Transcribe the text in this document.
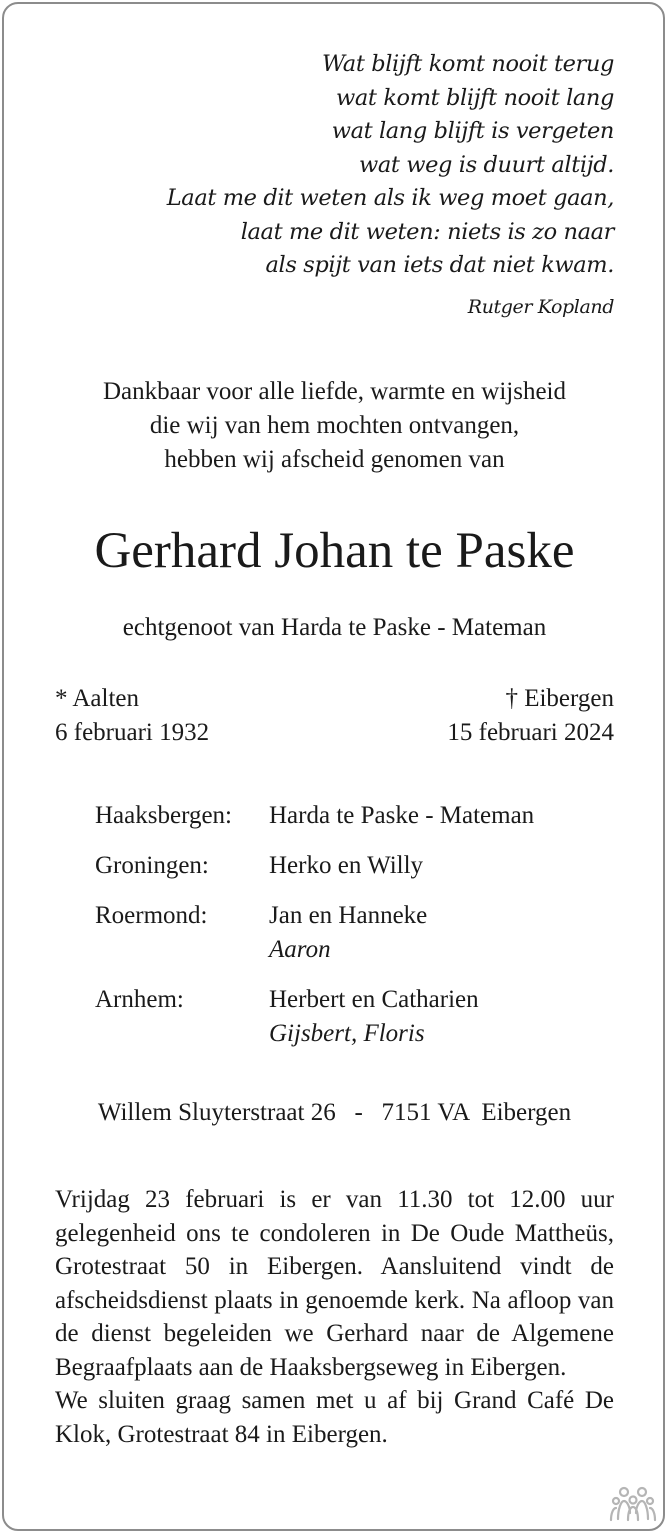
Wat blijft komt nooit terug
wat komt blijft nooit lang
wat lang blijft is vergeten
wat weg is duurt altijd.
Laat me dit weten als ik weg moet gaan,
laat me dit weten: niets is zo naar
als spijt van iets dat niet kwam.
Rutger Kopland
Dankbaar voor alle liefde, warmte en wijsheid
die wij van hem mochten ontvangen,
hebben wij afscheid genomen van
Gerhard Johan te Paske
echtgenoot van Harda te Paske - Mateman
* Aalten
6 februari 1932
† Eibergen
15 februari 2024
Haaksbergen: Harda te Paske - Mateman
Groningen: Herko en Willy
Roermond: Jan en Hanneke
Aaron
Arnhem:	Herbert en Catharien
Gijsbert, Floris
Willem Sluyterstraat 26   -   7151 VA  Eibergen

Vrijdag 23 februari is er van 11.30 tot 12.00 uur gelegenheid ons te condoleren in De Oude Mattheüs, Grotestraat 50 in Eibergen. Aansluitend vindt de afscheidsdienst plaats in genoemde kerk. Na afloop van de dienst begeleiden we Gerhard naar de Algemene Begraafplaats aan de Haaksbergseweg in Eibergen.

We sluiten graag samen met u af bij Grand Café De Klok, Grotestraat 84 in Eibergen.
